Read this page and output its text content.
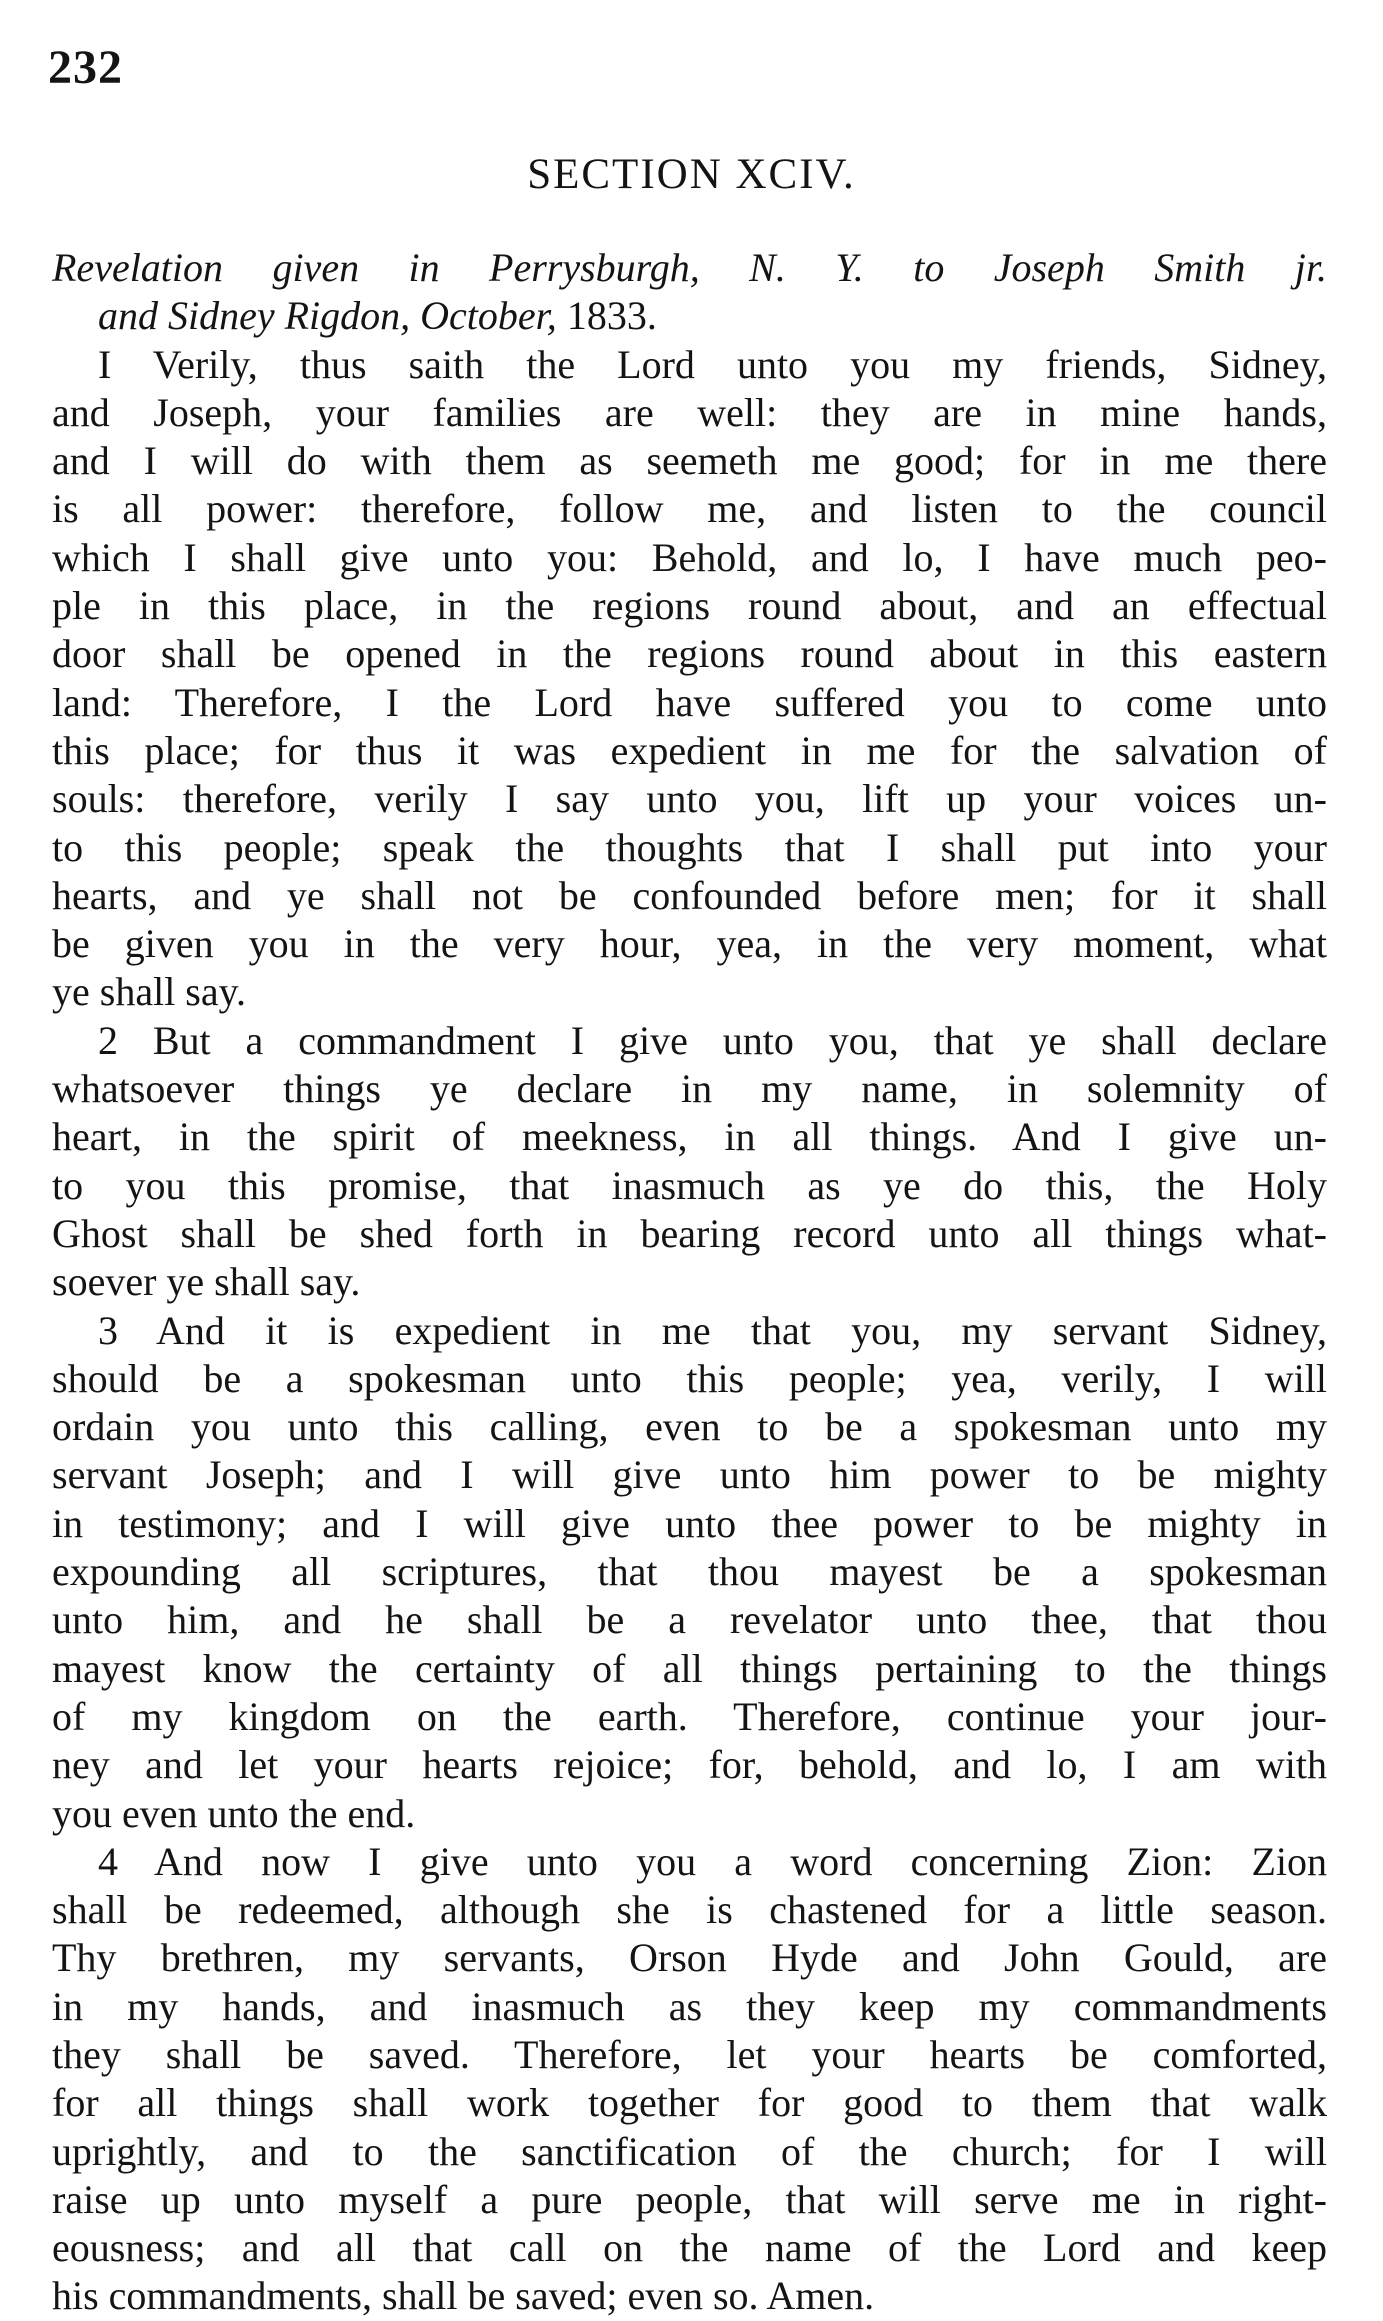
232
SECTION XCIV.
Revelation given in Perrysburgh, N. Y. to Joseph Smith jr.
and Sidney Rigdon, October, 1833.
I Verily, thus saith the Lord unto you my friends, Sidney,
and Joseph, your families are well: they are in mine hands,
and I will do with them as seemeth me good; for in me there
is all power: therefore, follow me, and listen to the council
which I shall give unto you: Behold, and lo, I have much peo-
ple in this place, in the regions round about, and an effectual
door shall be opened in the regions round about in this eastern
land: Therefore, I the Lord have suffered you to come unto
this place; for thus it was expedient in me for the salvation of
souls: therefore, verily I say unto you, lift up your voices un-
to this people; speak the thoughts that I shall put into your
hearts, and ye shall not be confounded before men; for it shall
be given you in the very hour, yea, in the very moment, what
ye shall say.
2 But a commandment I give unto you, that ye shall declare
whatsoever things ye declare in my name, in solemnity of
heart, in the spirit of meekness, in all things. And I give un-
to you this promise, that inasmuch as ye do this, the Holy
Ghost shall be shed forth in bearing record unto all things what-
soever ye shall say.
3 And it is expedient in me that you, my servant Sidney,
should be a spokesman unto this people; yea, verily, I will
ordain you unto this calling, even to be a spokesman unto my
servant Joseph; and I will give unto him power to be mighty
in testimony; and I will give unto thee power to be mighty in
expounding all scriptures, that thou mayest be a spokesman
unto him, and he shall be a revelator unto thee, that thou
mayest know the certainty of all things pertaining to the things
of my kingdom on the earth. Therefore, continue your jour-
ney and let your hearts rejoice; for, behold, and lo, I am with
you even unto the end.
4 And now I give unto you a word concerning Zion: Zion
shall be redeemed, although she is chastened for a little season.
Thy brethren, my servants, Orson Hyde and John Gould, are
in my hands, and inasmuch as they keep my commandments
they shall be saved. Therefore, let your hearts be comforted,
for all things shall work together for good to them that walk
uprightly, and to the sanctification of the church; for I will
raise up unto myself a pure people, that will serve me in right-
eousness; and all that call on the name of the Lord and keep
his commandments, shall be saved; even so. Amen.
